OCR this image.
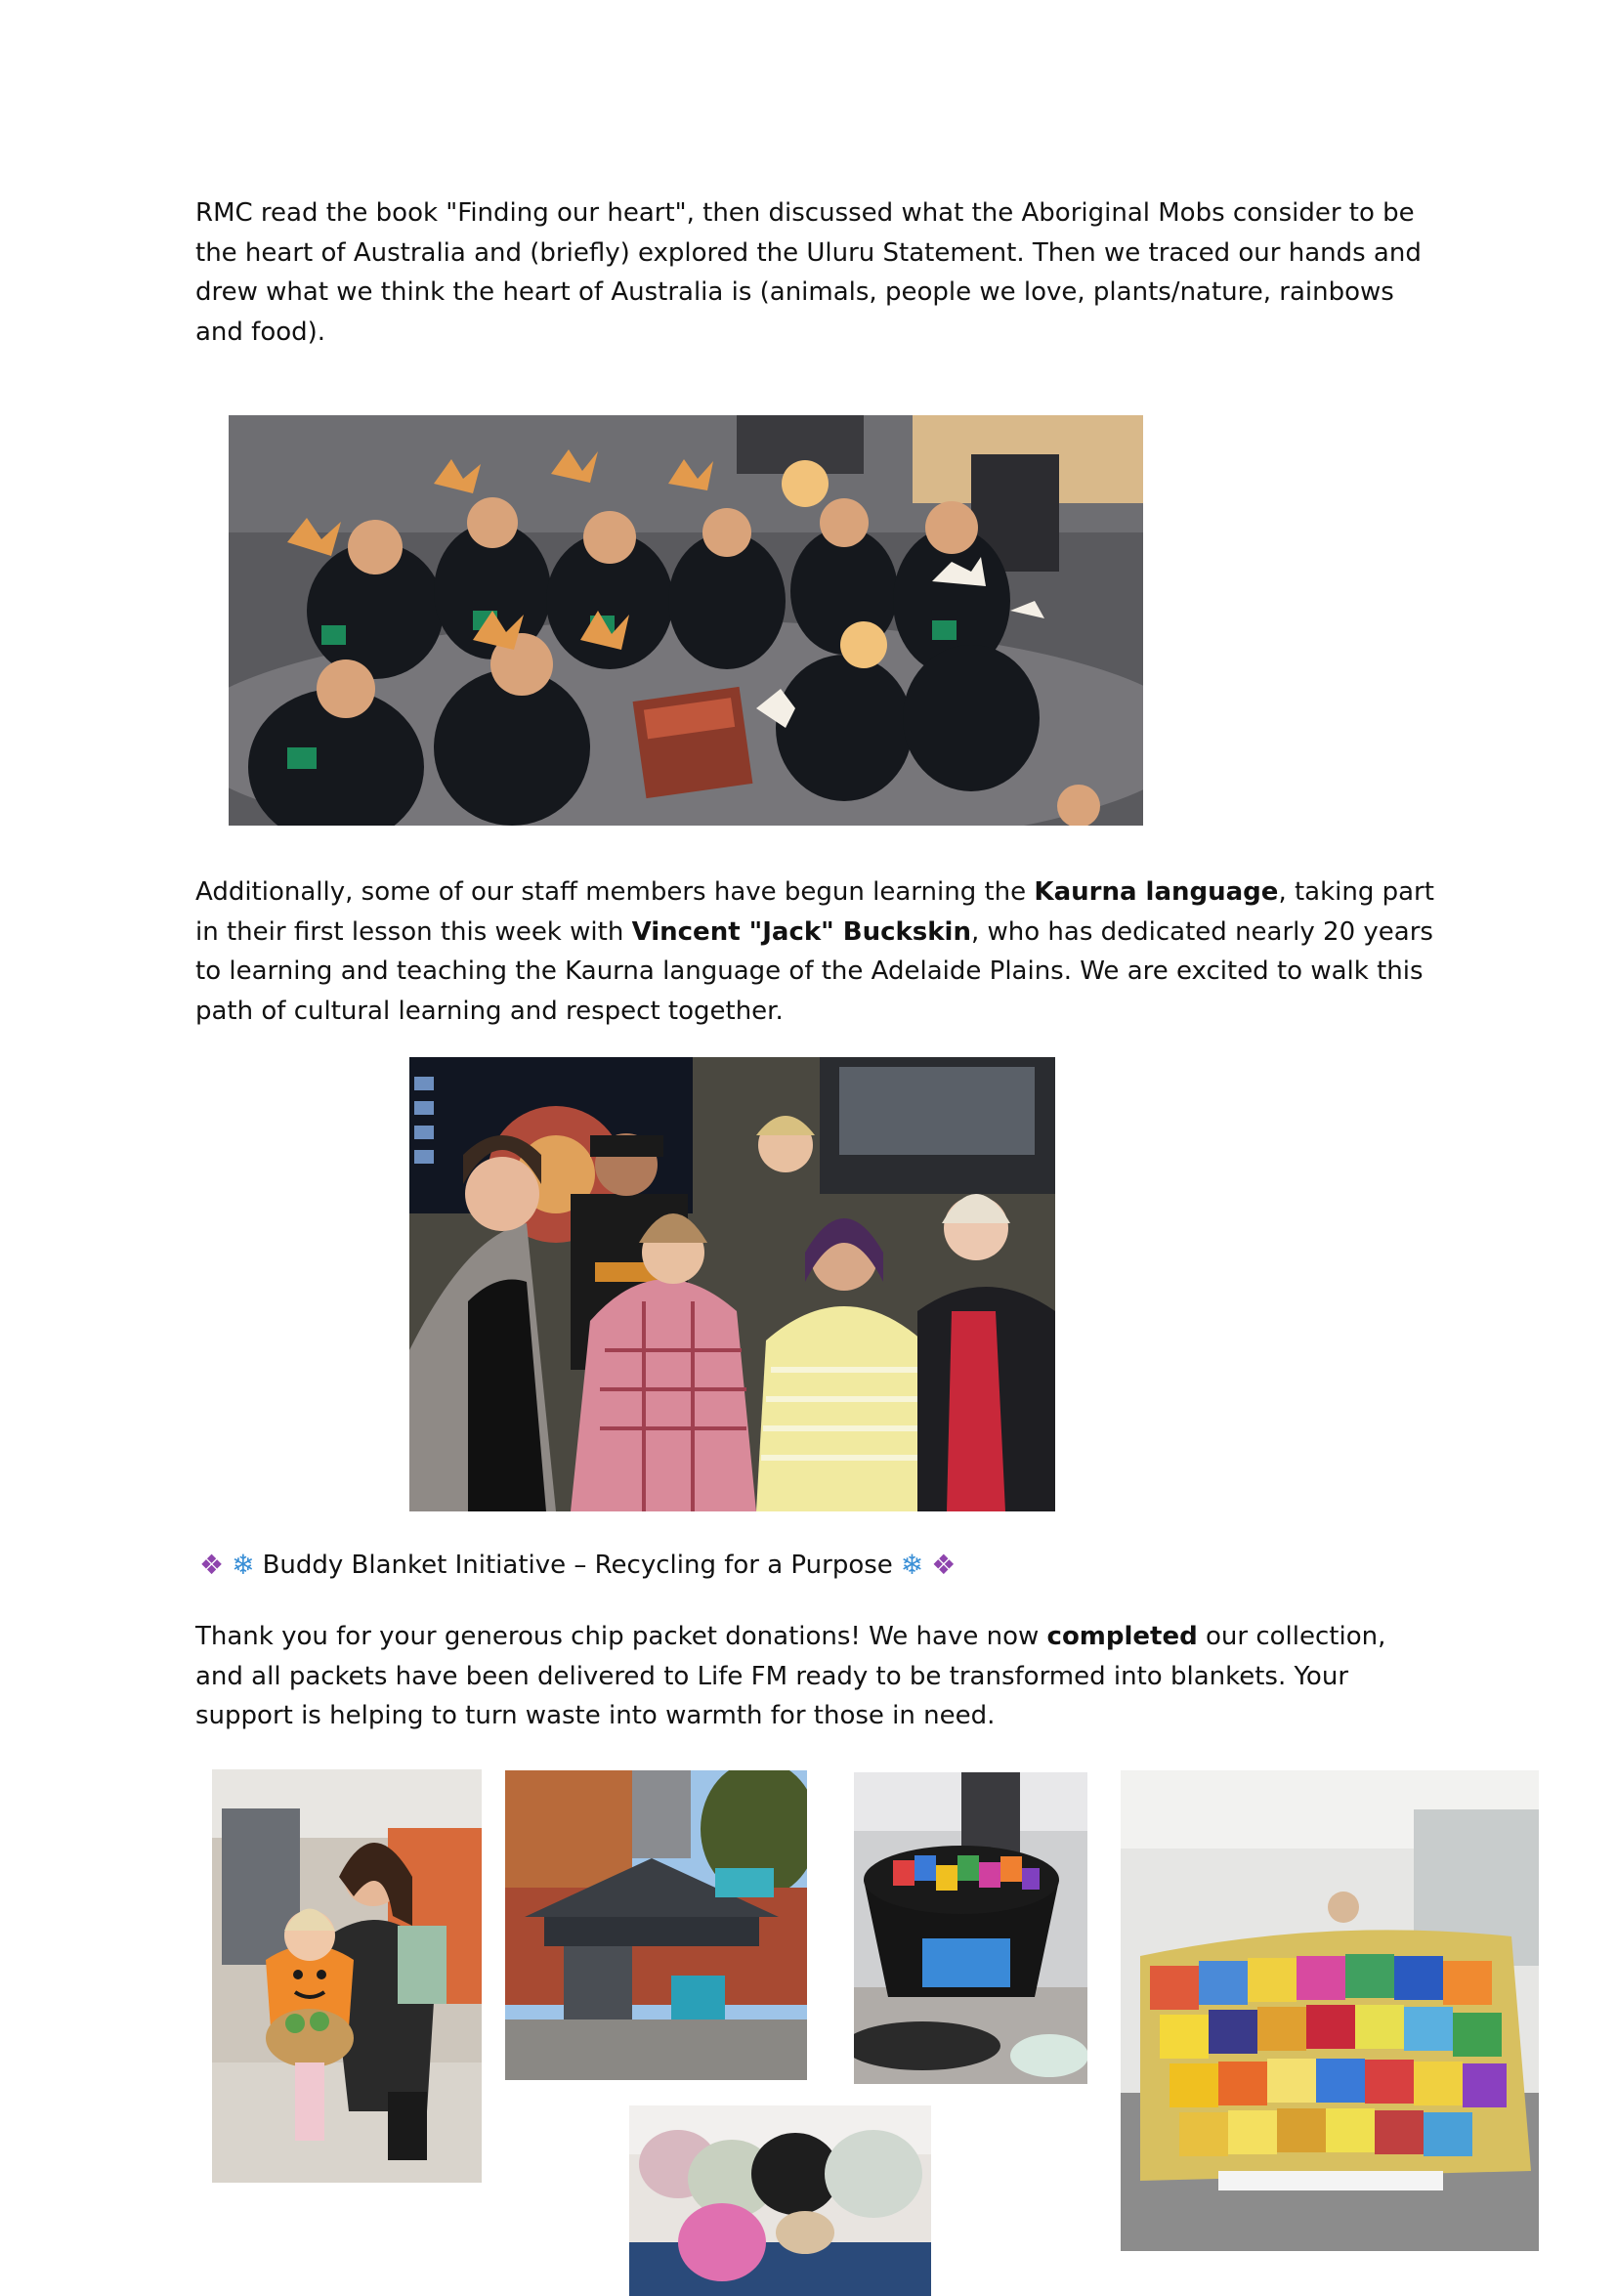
RMC read the book "Finding our heart", then discussed what the Aboriginal Mobs consider to be the heart of Australia and (briefly) explored the Uluru Statement. Then we traced our hands and drew what we think the heart of Australia is (animals, people we love, plants/nature, rainbows and food).

Additionally, some of our staff members have begun learning the Kaurna language, taking part in their first lesson this week with Vincent "Jack" Buckskin, who has dedicated nearly 20 years to learning and teaching the Kaurna language of the Adelaide Plains. We are excited to walk this path of cultural learning and respect together.

❖ ❄ Buddy Blanket Initiative – Recycling for a Purpose ❄ ❖

Thank you for your generous chip packet donations! We have now completed our collection, and all packets have been delivered to Life FM ready to be transformed into blankets. Your support is helping to turn waste into warmth for those in need.
